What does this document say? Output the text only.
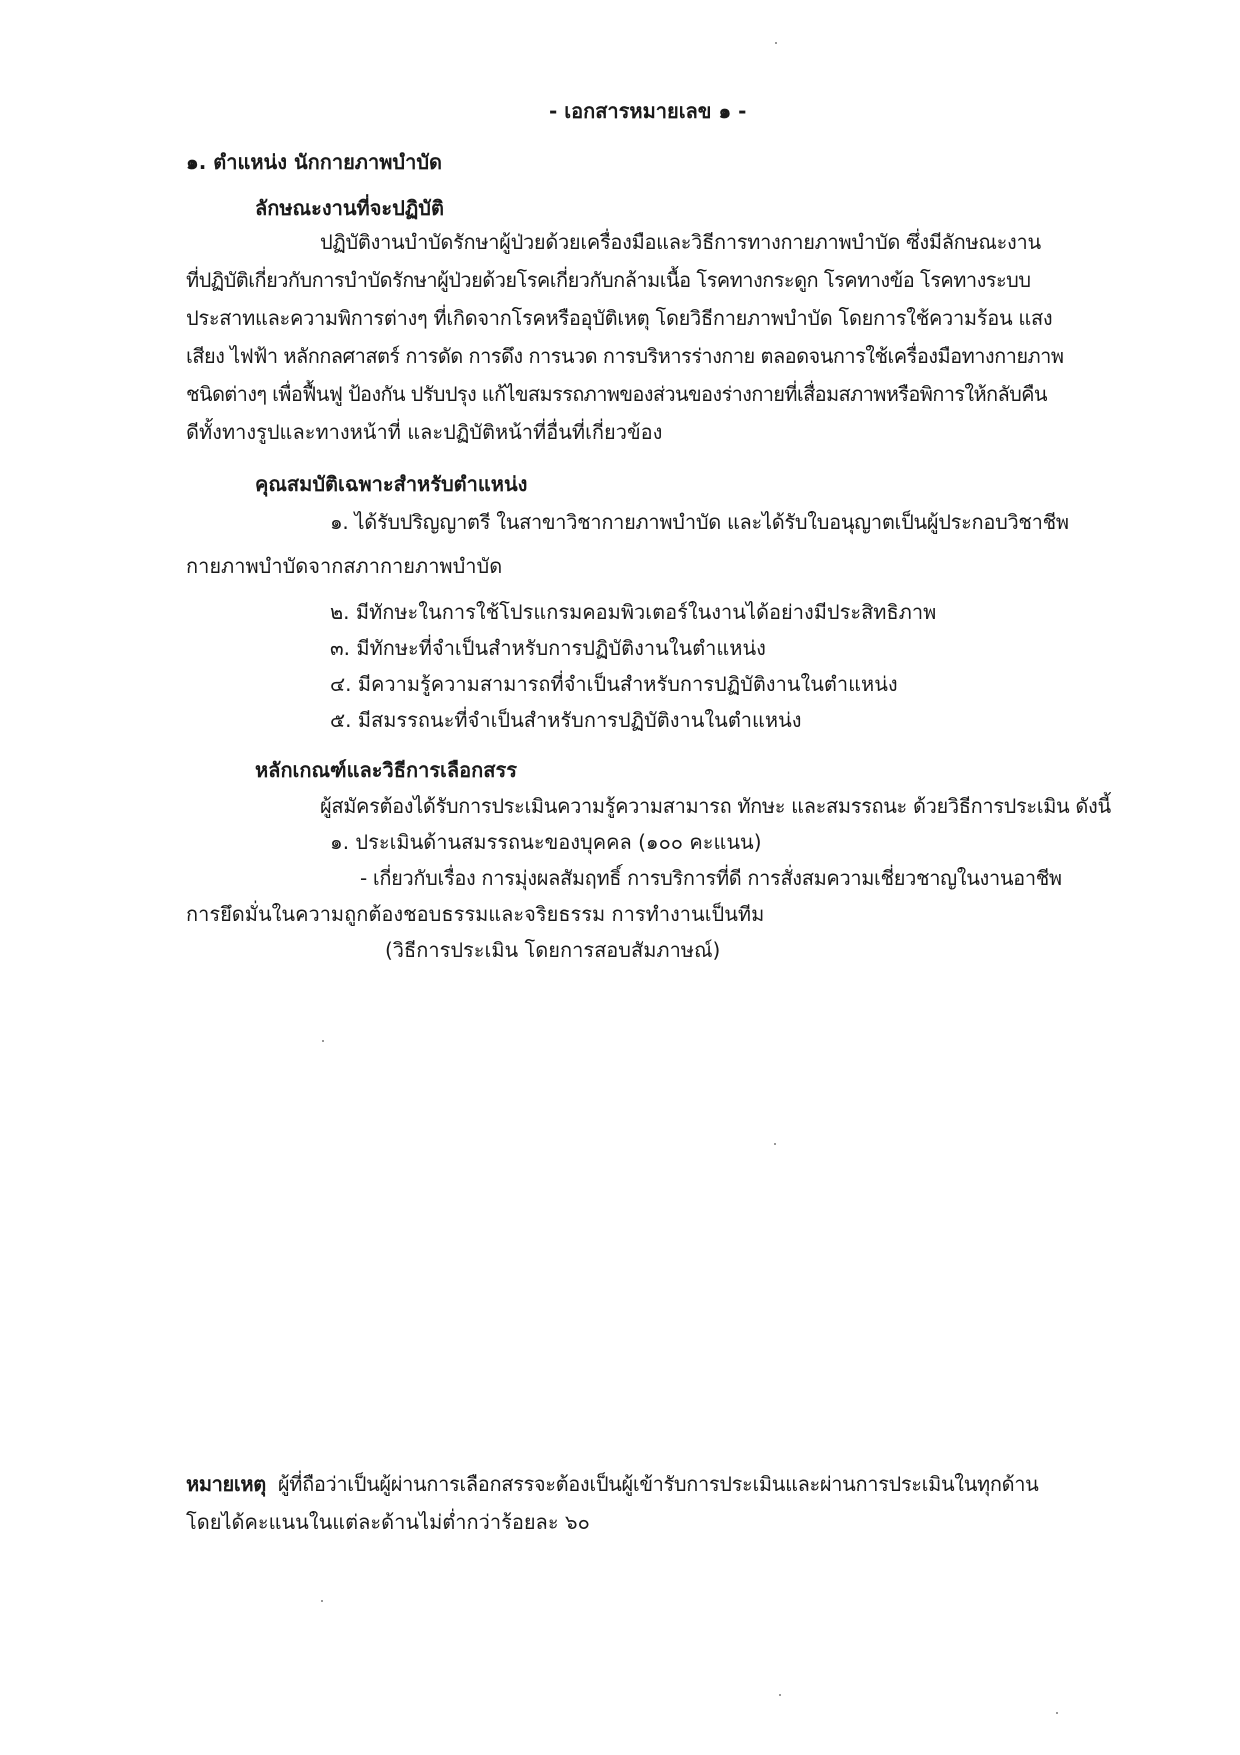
- เอกสารหมายเลข ๑ -
๑. ตำแหน่ง นักกายภาพบำบัด
ลักษณะงานที่จะปฏิบัติ
ปฏิบัติงานบำบัดรักษาผู้ป่วยด้วยเครื่องมือและวิธีการทางกายภาพบำบัด ซึ่งมีลักษณะงาน
ที่ปฏิบัติเกี่ยวกับการบำบัดรักษาผู้ป่วยด้วยโรคเกี่ยวกับกล้ามเนื้อ โรคทางกระดูก โรคทางข้อ โรคทางระบบ
ประสาทและความพิการต่างๆ ที่เกิดจากโรคหรืออุบัติเหตุ โดยวิธีกายภาพบำบัด โดยการใช้ความร้อน แสง
เสียง ไฟฟ้า หลักกลศาสตร์ การดัด การดึง การนวด การบริหารร่างกาย ตลอดจนการใช้เครื่องมือทางกายภาพ
ชนิดต่างๆ เพื่อฟื้นฟู ป้องกัน ปรับปรุง แก้ไขสมรรถภาพของส่วนของร่างกายที่เสื่อมสภาพหรือพิการให้กลับคืน
ดีทั้งทางรูปและทางหน้าที่ และปฏิบัติหน้าที่อื่นที่เกี่ยวข้อง
คุณสมบัติเฉพาะสำหรับตำแหน่ง
๑. ได้รับปริญญาตรี ในสาขาวิชากายภาพบำบัด และได้รับใบอนุญาตเป็นผู้ประกอบวิชาชีพ
กายภาพบำบัดจากสภากายภาพบำบัด
๒. มีทักษะในการใช้โปรแกรมคอมพิวเตอร์ในงานได้อย่างมีประสิทธิภาพ
๓. มีทักษะที่จำเป็นสำหรับการปฏิบัติงานในตำแหน่ง
๔. มีความรู้ความสามารถที่จำเป็นสำหรับการปฏิบัติงานในตำแหน่ง
๕. มีสมรรถนะที่จำเป็นสำหรับการปฏิบัติงานในตำแหน่ง
หลักเกณฑ์และวิธีการเลือกสรร
ผู้สมัครต้องได้รับการประเมินความรู้ความสามารถ ทักษะ และสมรรถนะ ด้วยวิธีการประเมิน ดังนี้
๑. ประเมินด้านสมรรถนะของบุคคล (๑๐๐ คะแนน)
- เกี่ยวกับเรื่อง การมุ่งผลสัมฤทธิ์ การบริการที่ดี การสั่งสมความเชี่ยวชาญในงานอาชีพ
การยึดมั่นในความถูกต้องชอบธรรมและจริยธรรม การทำงานเป็นทีม
(วิธีการประเมิน โดยการสอบสัมภาษณ์)
หมายเหตุ ผู้ที่ถือว่าเป็นผู้ผ่านการเลือกสรรจะต้องเป็นผู้เข้ารับการประเมินและผ่านการประเมินในทุกด้าน
โดยได้คะแนนในแต่ละด้านไม่ต่ำกว่าร้อยละ ๖๐
